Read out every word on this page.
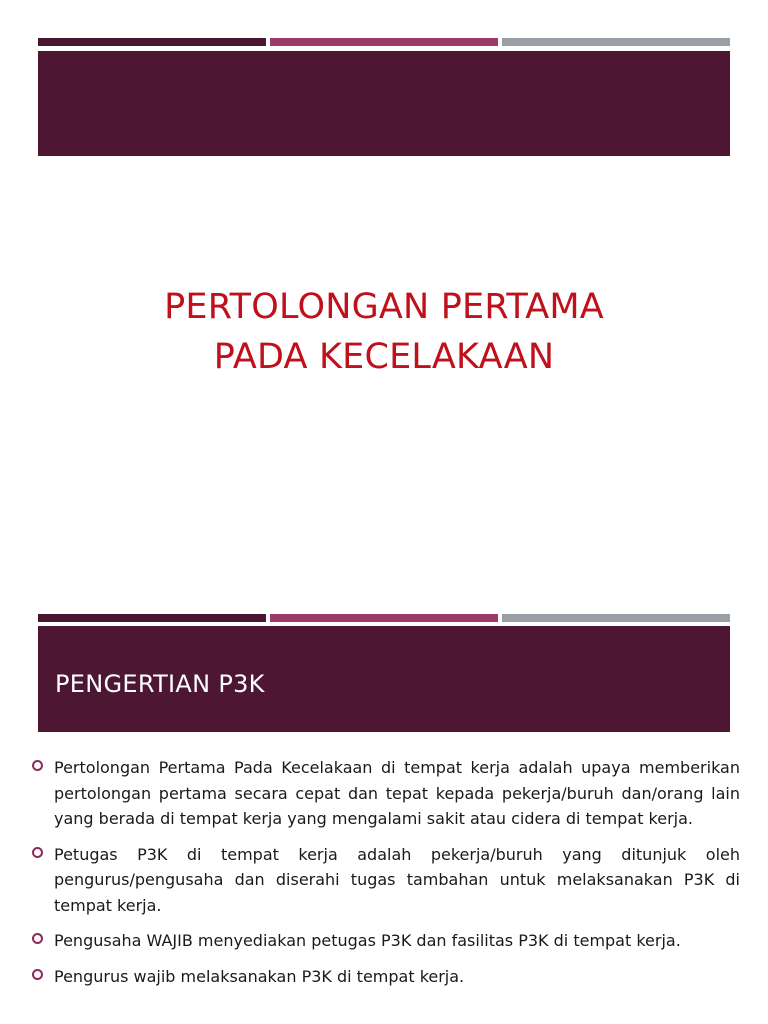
PERTOLONGAN PERTAMA
PADA KECELAKAAN
PENGERTIAN P3K
Pertolongan Pertama Pada Kecelakaan di tempat kerja adalah upaya memberikan pertolongan pertama secara cepat dan tepat kepada pekerja/buruh dan/orang lain yang berada di tempat kerja yang mengalami sakit atau cidera di tempat kerja.
Petugas P3K di tempat kerja adalah pekerja/buruh yang ditunjuk oleh pengurus/pengusaha dan diserahi tugas tambahan untuk melaksanakan P3K di tempat kerja.
Pengusaha WAJIB menyediakan petugas P3K dan fasilitas P3K di tempat kerja.
Pengurus wajib melaksanakan P3K di tempat kerja.
